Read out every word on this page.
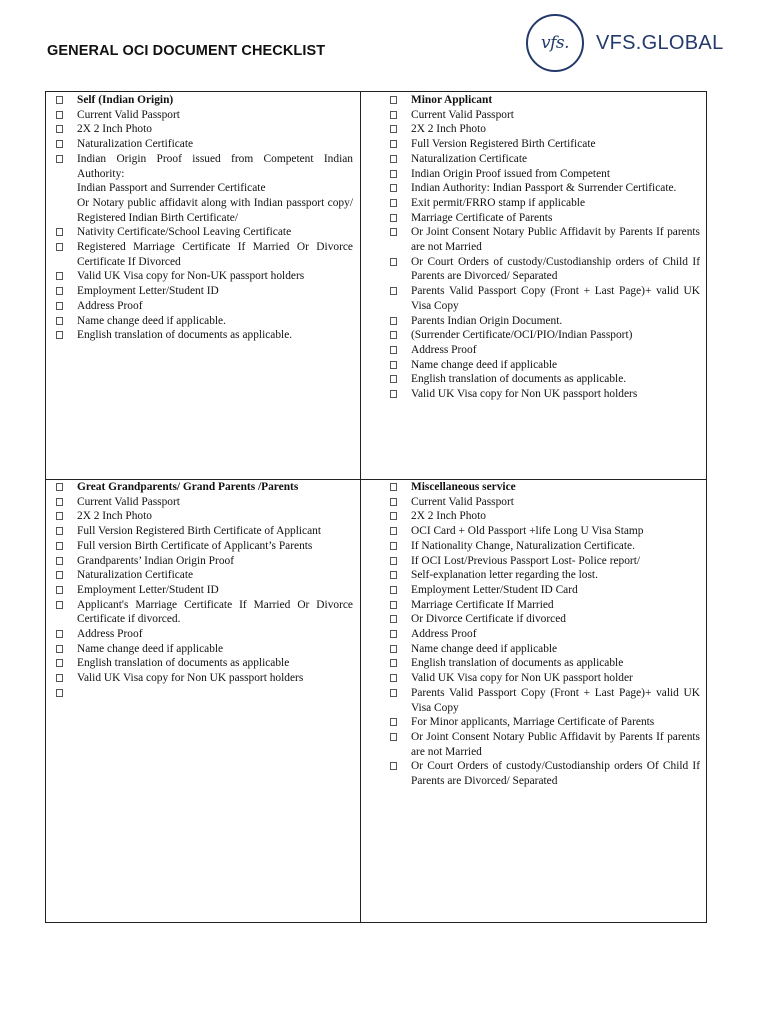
GENERAL OCI DOCUMENT CHECKLIST	vfs.	VFS.GLOBAL
Self (Indian Origin)
Current Valid Passport
2X 2 Inch Photo
Naturalization Certificate
Indian Origin Proof issued from Competent Indian Authority:
Indian Passport and Surrender Certificate
Or Notary public affidavit along with Indian passport copy/ Registered Indian Birth Certificate/
Nativity Certificate/School Leaving Certificate
Registered Marriage Certificate If Married Or Divorce Certificate If Divorced
Valid UK Visa copy for Non-UK passport holders
Employment Letter/Student ID
Address Proof
Name change deed if applicable.
English translation of documents as applicable.
Minor Applicant
Current Valid Passport
2X 2 Inch Photo
Full Version Registered Birth Certificate
Naturalization Certificate
Indian Origin Proof issued from Competent
Indian Authority: Indian Passport & Surrender Certificate.
Exit permit/FRRO stamp if applicable
Marriage Certificate of Parents
Or Joint Consent Notary Public Affidavit by Parents If parents are not Married
Or Court Orders of custody/Custodianship orders of Child If Parents are Divorced/ Separated
Parents Valid Passport Copy (Front + Last Page)+ valid UK Visa Copy
Parents Indian Origin Document.
(Surrender Certificate/OCI/PIO/Indian Passport)
Address Proof
Name change deed if applicable
English translation of documents as applicable.
Valid UK Visa copy for Non UK passport holders
Great Grandparents/ Grand Parents /Parents
Current Valid Passport
2X 2 Inch Photo
Full Version Registered Birth Certificate of Applicant
Full version Birth Certificate of Applicant’s Parents
Grandparents’ Indian Origin Proof
Naturalization Certificate
Employment Letter/Student ID
Applicant's Marriage Certificate If Married Or Divorce Certificate if divorced.
Address Proof
Name change deed if applicable
English translation of documents as applicable
Valid UK Visa copy for Non UK passport holders
Miscellaneous service
Current Valid Passport
2X 2 Inch Photo
OCI Card + Old Passport +life Long U Visa Stamp
If Nationality Change, Naturalization Certificate.
If OCI Lost/Previous Passport Lost- Police report/
Self-explanation letter regarding the lost.
Employment Letter/Student ID Card
Marriage Certificate If Married
Or Divorce Certificate if divorced
Address Proof
Name change deed if applicable
English translation of documents as applicable
Valid UK Visa copy for Non UK passport holder
Parents Valid Passport Copy (Front + Last Page)+ valid UK Visa Copy
For Minor applicants, Marriage Certificate of Parents
Or Joint Consent Notary Public Affidavit by Parents If parents are not Married
Or Court Orders of custody/Custodianship orders Of Child If Parents are Divorced/ Separated
